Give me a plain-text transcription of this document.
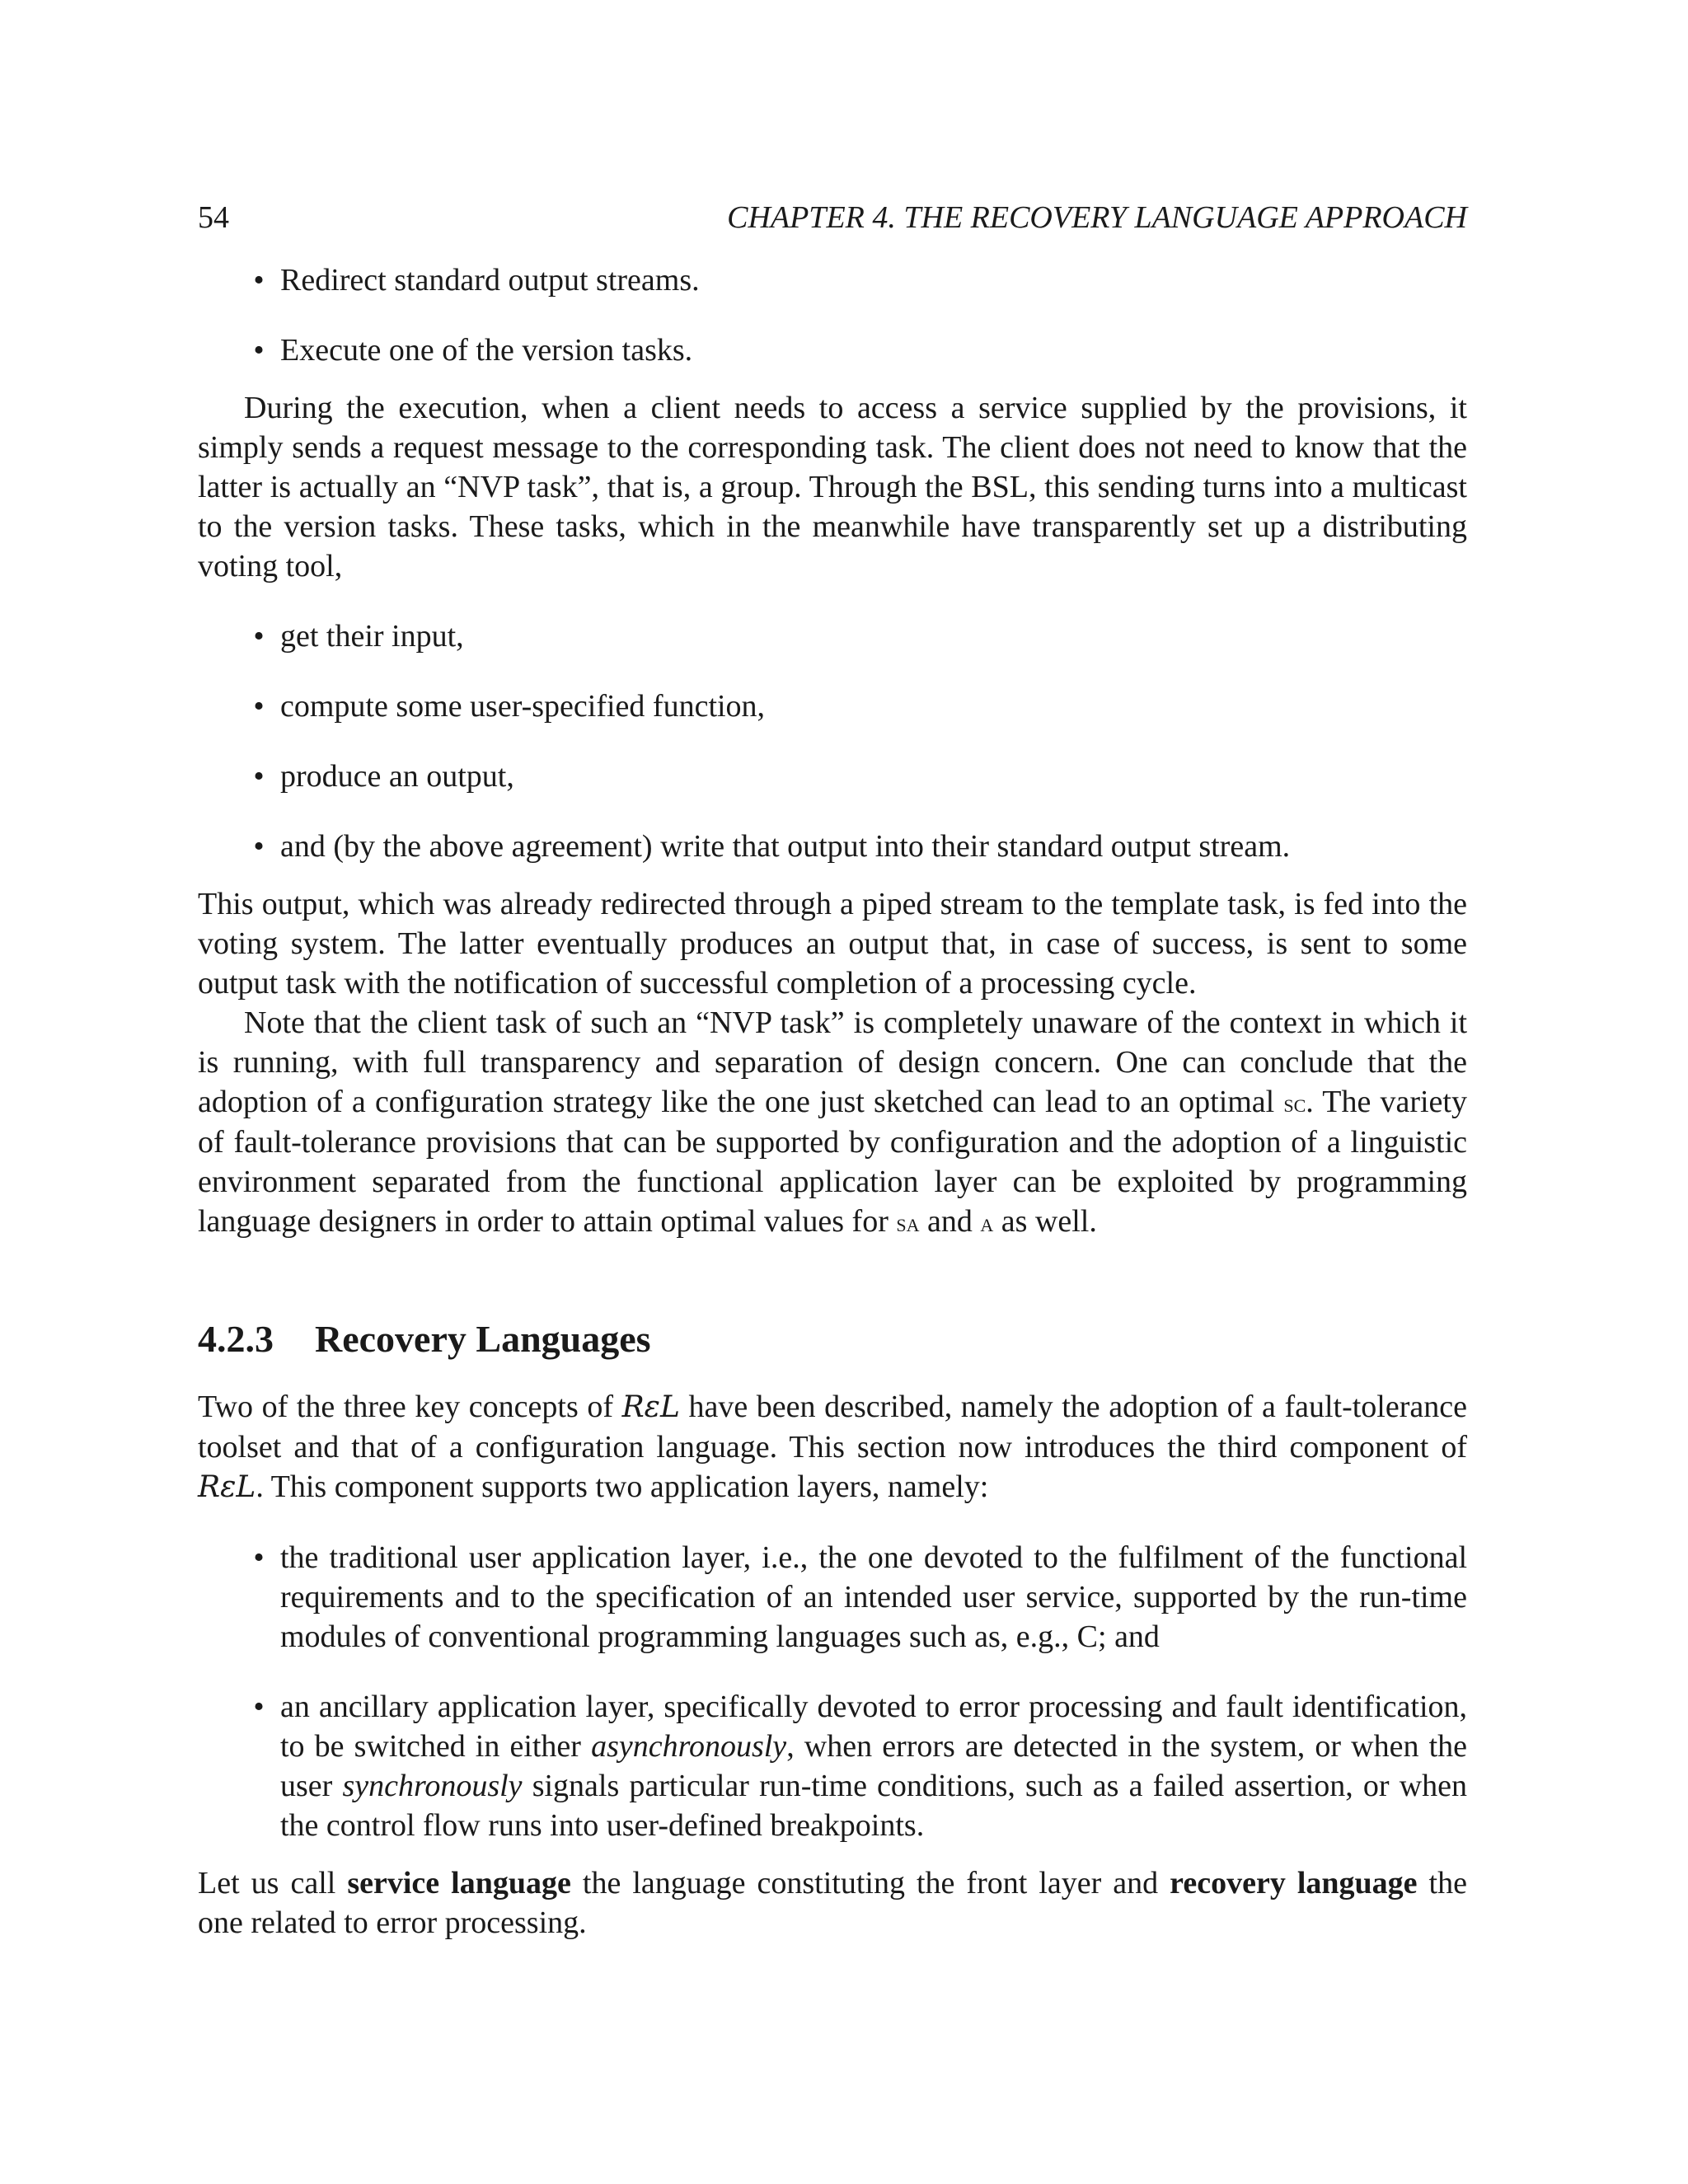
54	CHAPTER 4. THE RECOVERY LANGUAGE APPROACH
• Redirect standard output streams.
• Execute one of the version tasks.

During the execution, when a client needs to access a service supplied by the provisions, it simply sends a request message to the corresponding task. The client does not need to know that the latter is actually an “NVP task”, that is, a group. Through the BSL, this sending turns into a multicast to the version tasks. These tasks, which in the meanwhile have transparently set up a distributing voting tool,

• get their input,
• compute some user-specified function,
• produce an output,
• and (by the above agreement) write that output into their standard output stream.

This output, which was already redirected through a piped stream to the template task, is fed into the voting system. The latter eventually produces an output that, in case of success, is sent to some output task with the notification of successful completion of a processing cycle.

Note that the client task of such an “NVP task” is completely unaware of the context in which it is running, with full transparency and separation of design concern. One can conclude that the adoption of a configuration strategy like the one just sketched can lead to an optimal sc. The variety of fault-tolerance provisions that can be supported by configuration and the adoption of a linguistic environment separated from the functional application layer can be exploited by programming language designers in order to attain optimal values for sa and a as well.

4.2.3 Recovery Languages

Two of the three key concepts of RεL have been described, namely the adoption of a fault-tolerance toolset and that of a configuration language. This section now introduces the third component of RεL. This component supports two application layers, namely:

• the traditional user application layer, i.e., the one devoted to the fulfilment of the functional requirements and to the specification of an intended user service, supported by the run-time modules of conventional programming languages such as, e.g., C; and
• an ancillary application layer, specifically devoted to error processing and fault identification, to be switched in either asynchronously, when errors are detected in the system, or when the user synchronously signals particular run-time conditions, such as a failed assertion, or when the control flow runs into user-defined breakpoints.

Let us call service language the language constituting the front layer and recovery language the one related to error processing.
